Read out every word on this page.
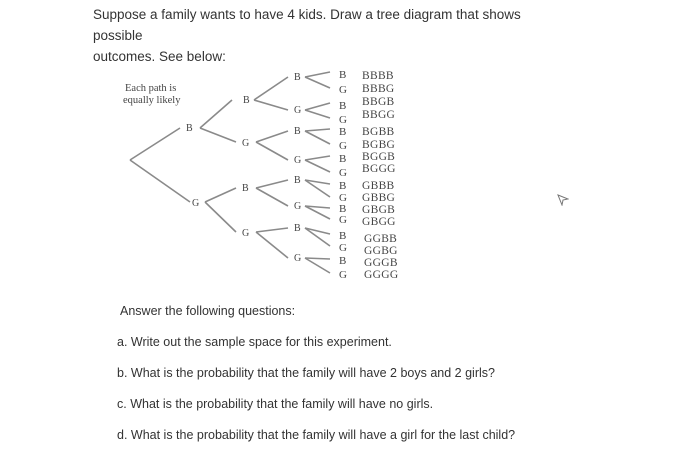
Suppose a family wants to have 4 kids. Draw a tree diagram that shows possible
outcomes. See below:
Each path is
equally likely
B
G
B
G
B
G
B
G
B
G
B
G
B
G
B
G
B
G
B
G
B
G
B
G
B
G
B
G
B
G
BBBB
BBBG
BBGB
BBGG
BGBB
BGBG
BGGB
BGGG
GBBB
GBBG
GBGB
GBGG
GGBB
GGBG
GGGB
GGGG
Answer the following questions:
a. Write out the sample space for this experiment.
b. What is the probability that the family will have 2 boys and 2 girls?
c. What is the probability that the family will have no girls.
d. What is the probability that the family will have a girl for the last child?
